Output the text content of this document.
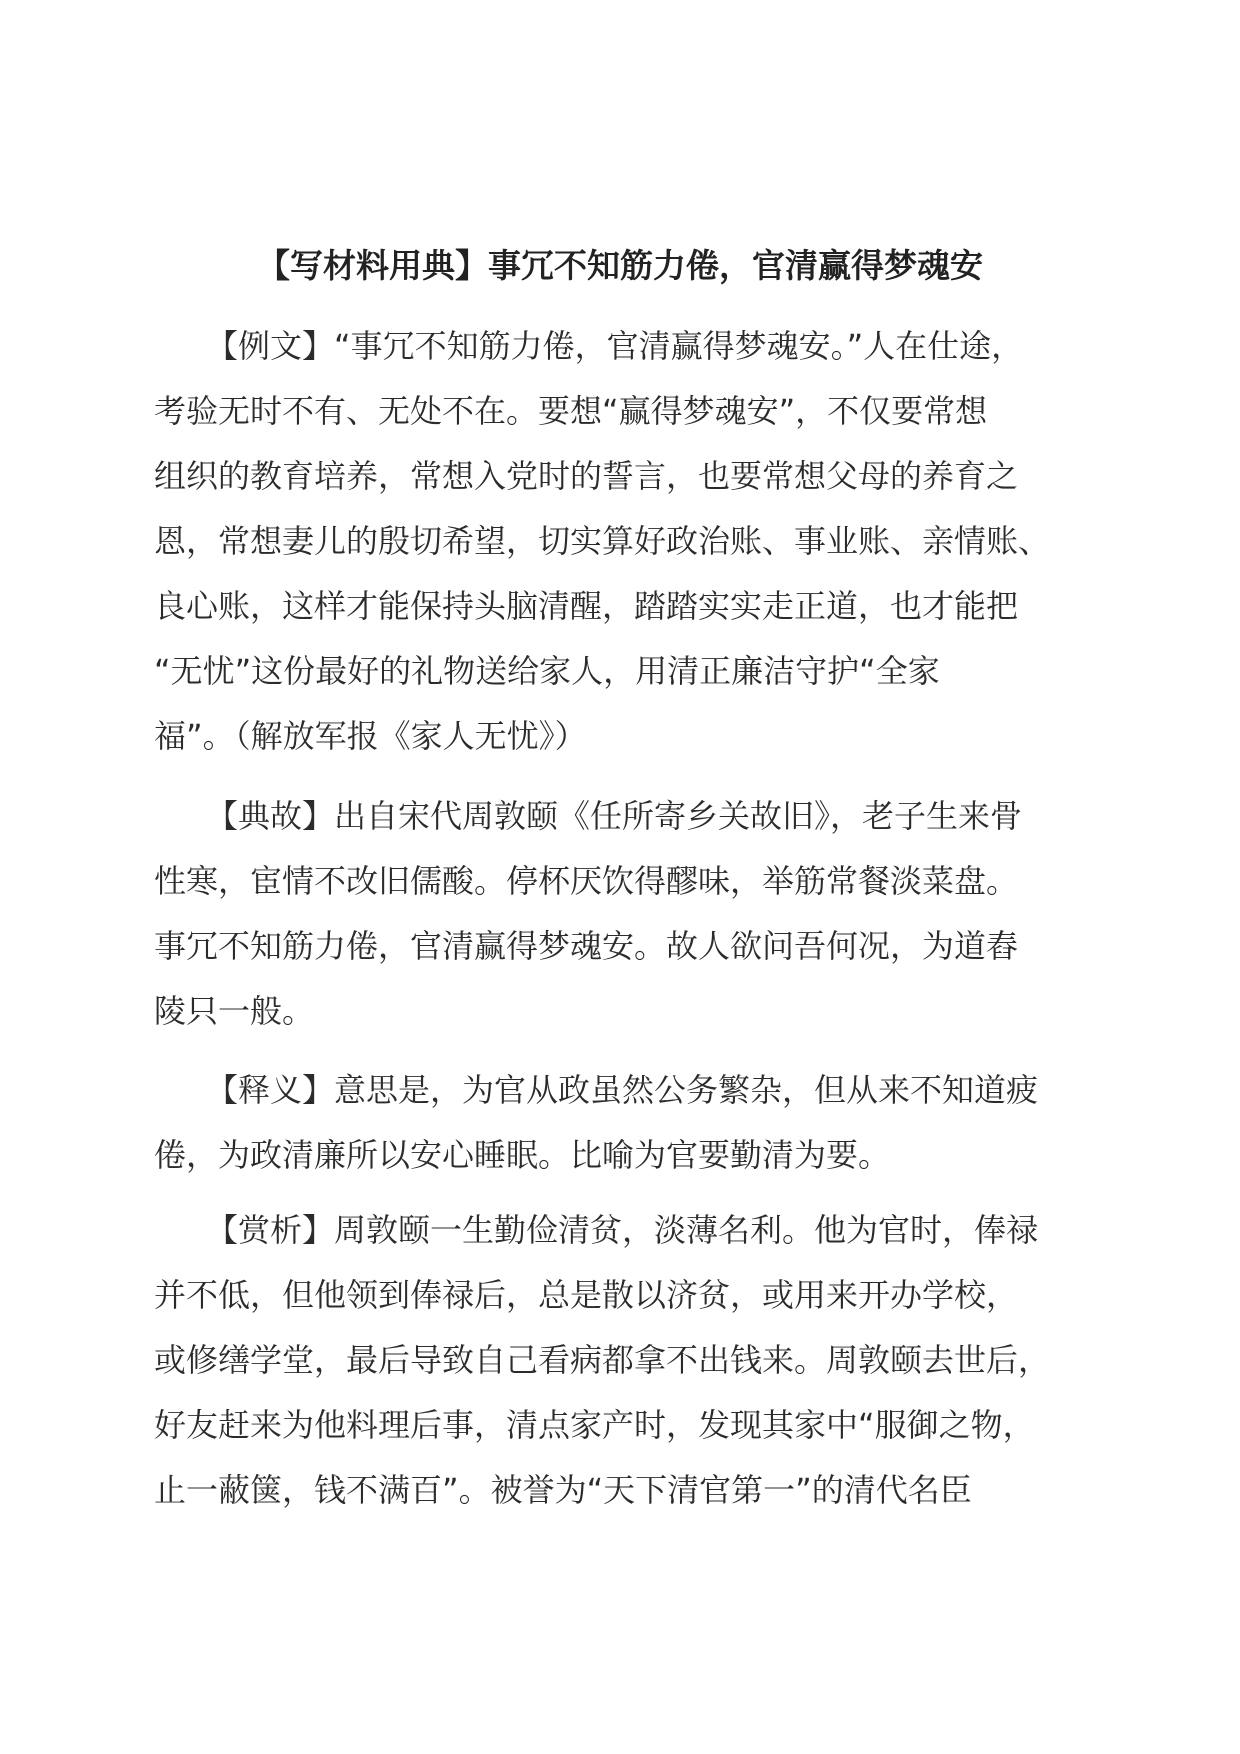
【写材料用典】事冗不知筋力倦，官清赢得梦魂安
【例文】“事冗不知筋力倦，官清赢得梦魂安。”人在仕途，
考验无时不有、无处不在。要想“赢得梦魂安”，不仅要常想
组织的教育培养，常想入党时的誓言，也要常想父母的养育之
恩，常想妻儿的殷切希望，切实算好政治账、事业账、亲情账、
良心账，这样才能保持头脑清醒，踏踏实实走正道，也才能把
“无忧”这份最好的礼物送给家人，用清正廉洁守护“全家
福”。（解放军报《家人无忧》）
【典故】出自宋代周敦颐《任所寄乡关故旧》，老子生来骨
性寒，宦情不改旧儒酸。停杯厌饮得醪味，举筋常餐淡菜盘。
事冗不知筋力倦，官清赢得梦魂安。故人欲问吾何况，为道舂
陵只一般。
【释义】意思是，为官从政虽然公务繁杂，但从来不知道疲
倦，为政清廉所以安心睡眠。比喻为官要勤清为要。
【赏析】周敦颐一生勤俭清贫，淡薄名利。他为官时，俸禄
并不低，但他领到俸禄后，总是散以济贫，或用来开办学校，
或修缮学堂，最后导致自己看病都拿不出钱来。周敦颐去世后，
好友赶来为他料理后事，清点家产时，发现其家中“服御之物，
止一蔽箧，钱不满百”。被誉为“天下清官第一”的清代名臣
